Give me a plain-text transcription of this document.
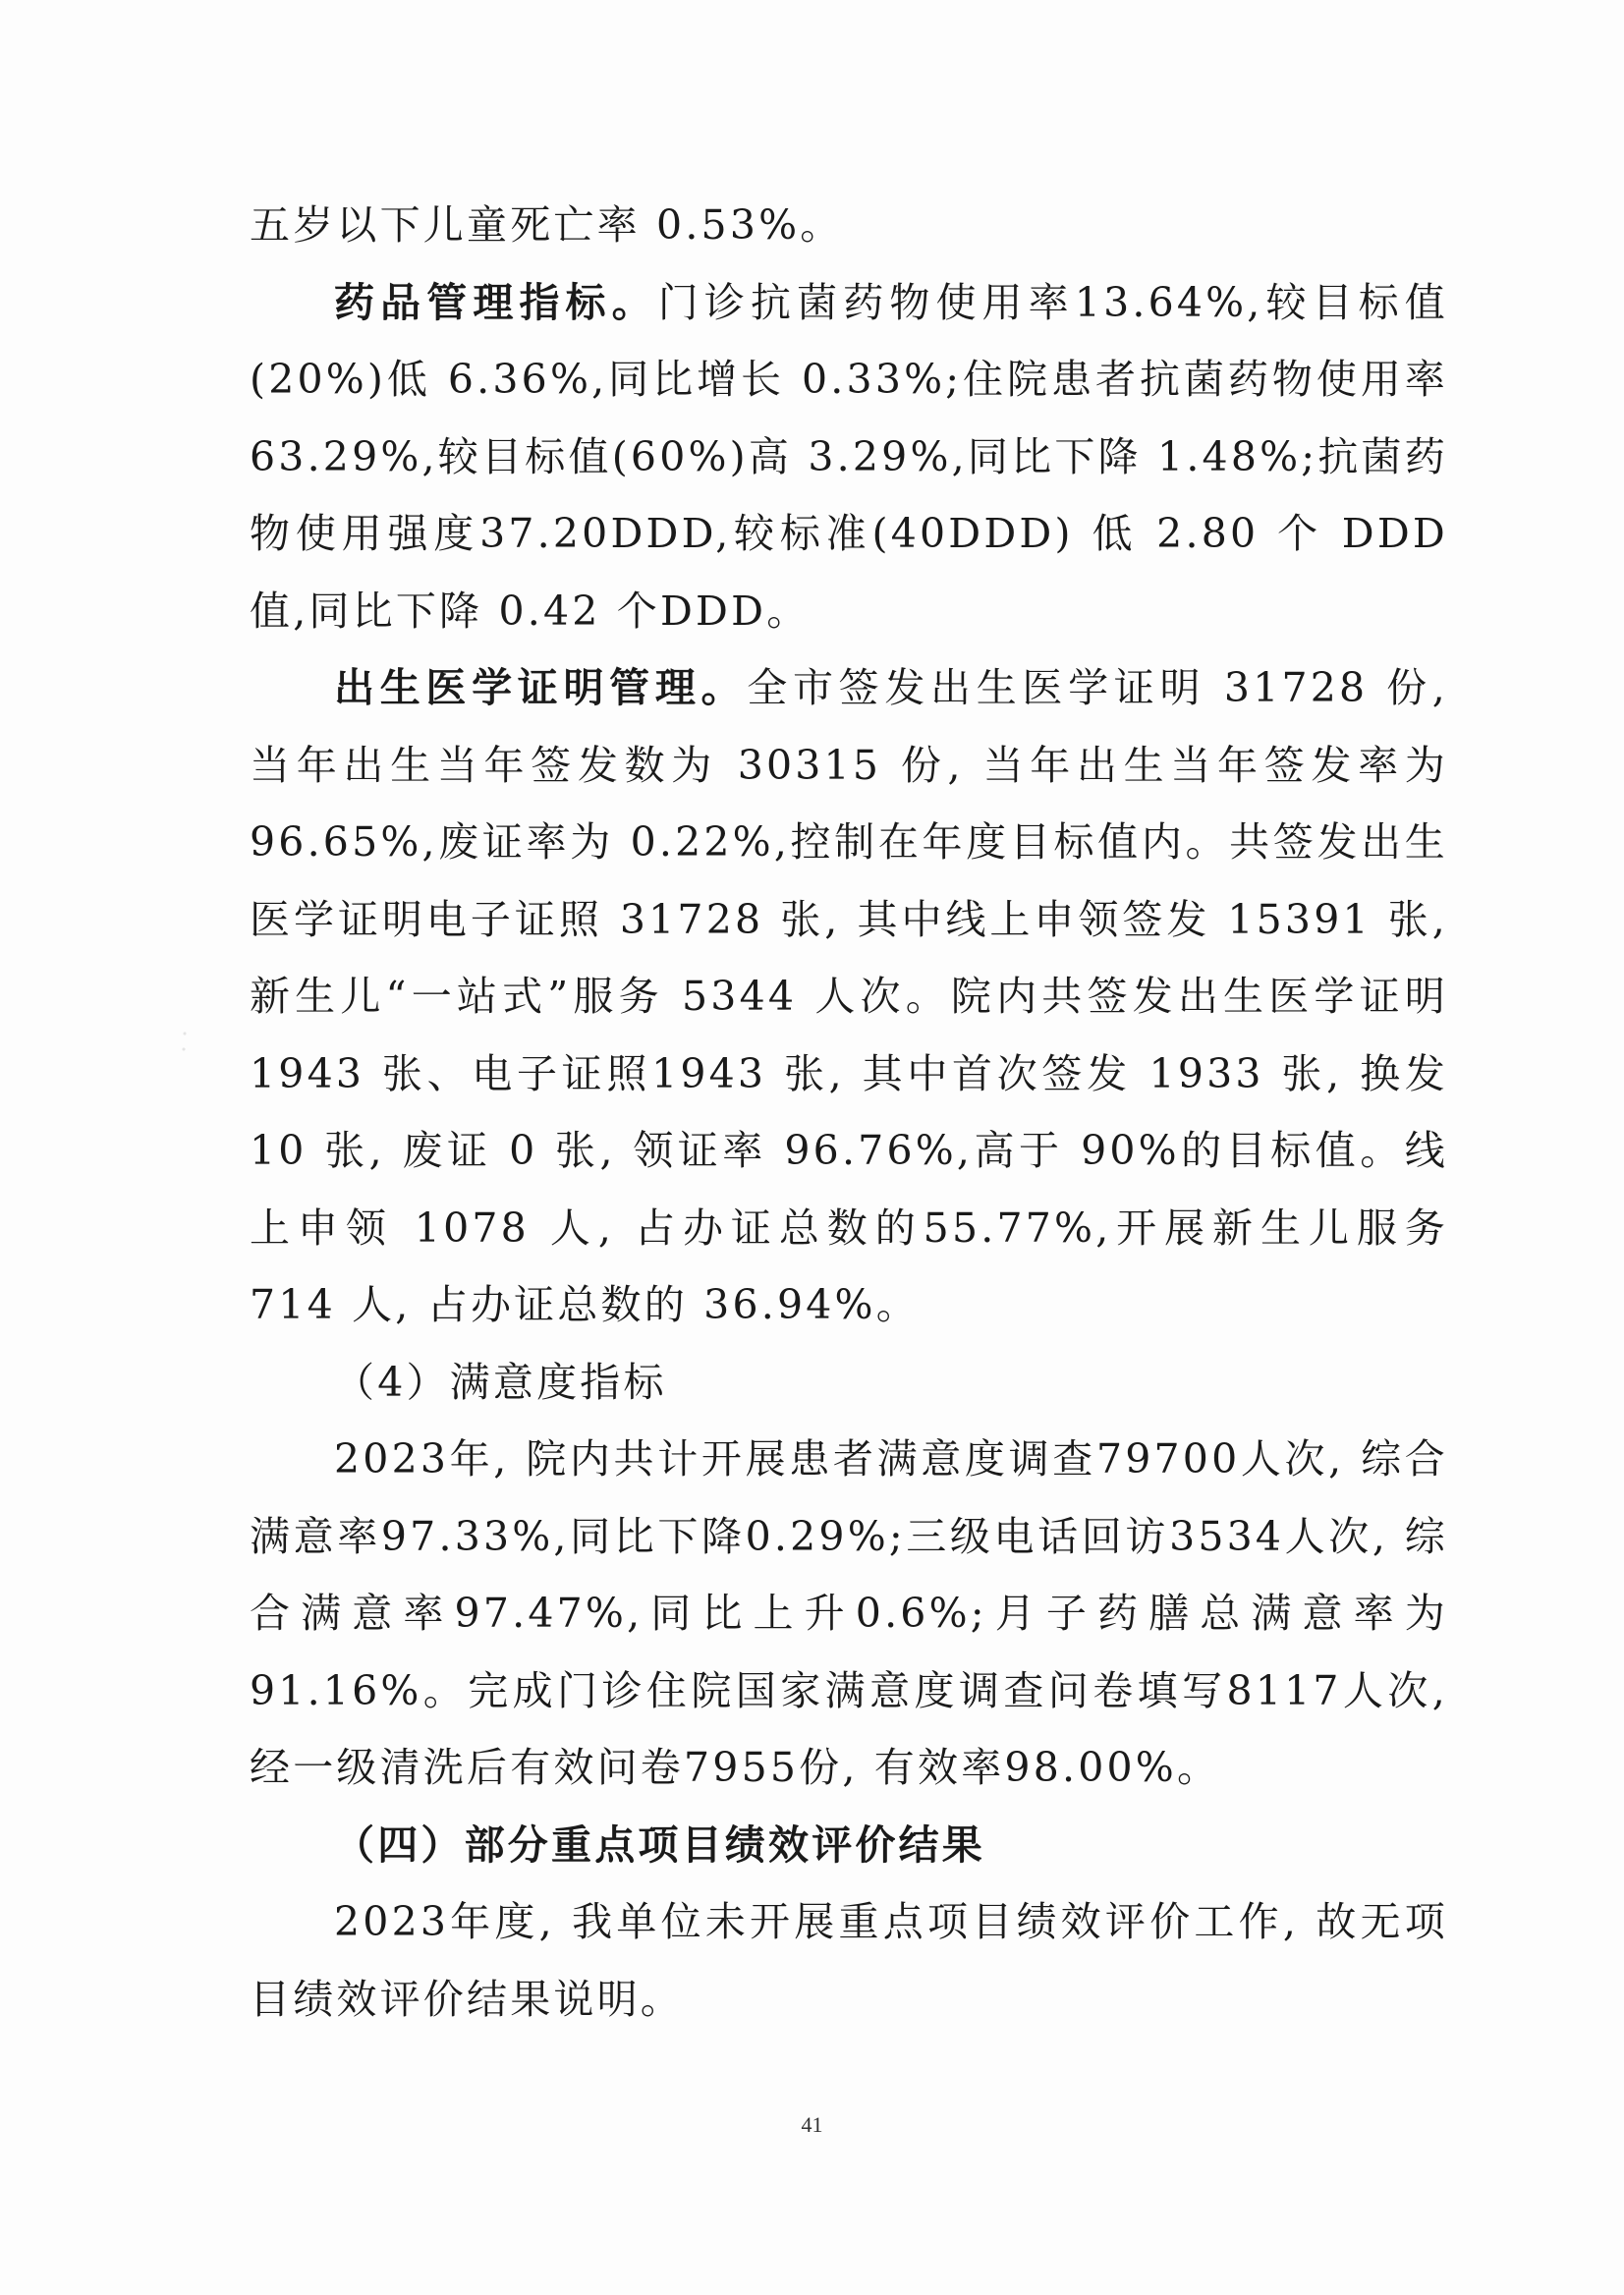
五岁以下儿童死亡率 0.53%。

药品管理指标。门诊抗菌药物使用率13.64%,较目标值 (20%)低 6.36%,同比增长 0.33%;住院患者抗菌药物使用率 63.29%,较目标值(60%)高 3.29%,同比下降 1.48%;抗菌药 物使用强度37.20DDD,较标准(40DDD) 低 2.80 个 DDD 值,同比下降 0.42 个DDD。

出生医学证明管理。全市签发出生医学证明 31728 份, 当年出生当年签发数为 30315 份, 当年出生当年签发率为 96.65%,废证率为 0.22%,控制在年度目标值内。共签发出生医学证明电子证照 31728 张, 其中线上申领签发 15391 张, 新生儿“一站式”服务 5344 人次。院内共签发出生医学证明 1943 张、电子证照1943 张, 其中首次签发 1933 张, 换发 10 张, 废证 0 张, 领证率 96.76%,高于 90%的目标值。线上申领 1078 人, 占办证总数的55.77%,开展新生儿服务 714 人, 占办证总数的 36.94%。

（4）满意度指标

2023年, 院内共计开展患者满意度调查79700人次, 综合满意率97.33%,同比下降0.29%;三级电话回访3534人次, 综 合满意率97.47%,同比上升0.6%;月子药膳总满意率为91.16%。完成门诊住院国家满意度调查问卷填写8117人次, 经一级清洗后有效问卷7955份, 有效率98.00%。

（四）部分重点项目绩效评价结果

2023年度, 我单位未开展重点项目绩效评价工作, 故无项目绩效评价结果说明。

41
